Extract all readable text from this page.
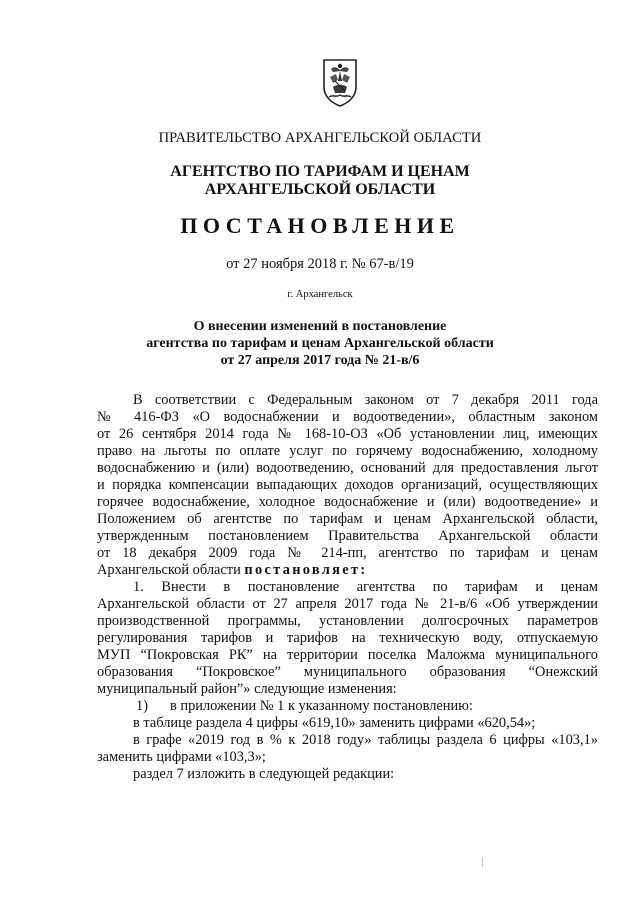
ПРАВИТЕЛЬСТВО АРХАНГЕЛЬСКОЙ ОБЛАСТИ
АГЕНТСТВО ПО ТАРИФАМ И ЦЕНАМ
АРХАНГЕЛЬСКОЙ ОБЛАСТИ
ПОСТАНОВЛЕНИЕ
от 27 ноября 2018 г. № 67-в/19
г. Архангельск
О внесении изменений в постановление
агентства по тарифам и ценам Архангельской области
от 27 апреля 2017 года № 21-в/6
В соответствии с Федеральным законом от 7 декабря 2011 года
№ 416-ФЗ «О водоснабжении и водоотведении», областным законом
от 26 сентября 2014 года № 168-10-ОЗ «Об установлении лиц, имеющих
право на льготы по оплате услуг по горячему водоснабжению, холодному
водоснабжению и (или) водоотведению, оснований для предоставления льгот
и порядка компенсации выпадающих доходов организаций, осуществляющих
горячее водоснабжение, холодное водоснабжение и (или) водоотведение» и
Положением об агентстве по тарифам и ценам Архангельской области,
утвержденным постановлением Правительства Архангельской области
от 18 декабря 2009 года № 214-пп, агентство по тарифам и ценам
Архангельской области постановляет:
1. Внести в постановление агентства по тарифам и ценам
Архангельской области от 27 апреля 2017 года № 21-в/6 «Об утверждении
производственной программы, установлении долгосрочных параметров
регулирования тарифов и тарифов на техническую воду, отпускаемую
МУП “Покровская РК” на территории поселка Маложма муниципального
образования “Покровское” муниципального образования “Онежский
муниципальный район”» следующие изменения:
1) в приложении № 1 к указанному постановлению:
в таблице раздела 4 цифры «619,10» заменить цифрами «620,54»;
в графе «2019 год в % к 2018 году» таблицы раздела 6 цифры «103,1»
заменить цифрами «103,3»;
раздел 7 изложить в следующей редакции:
